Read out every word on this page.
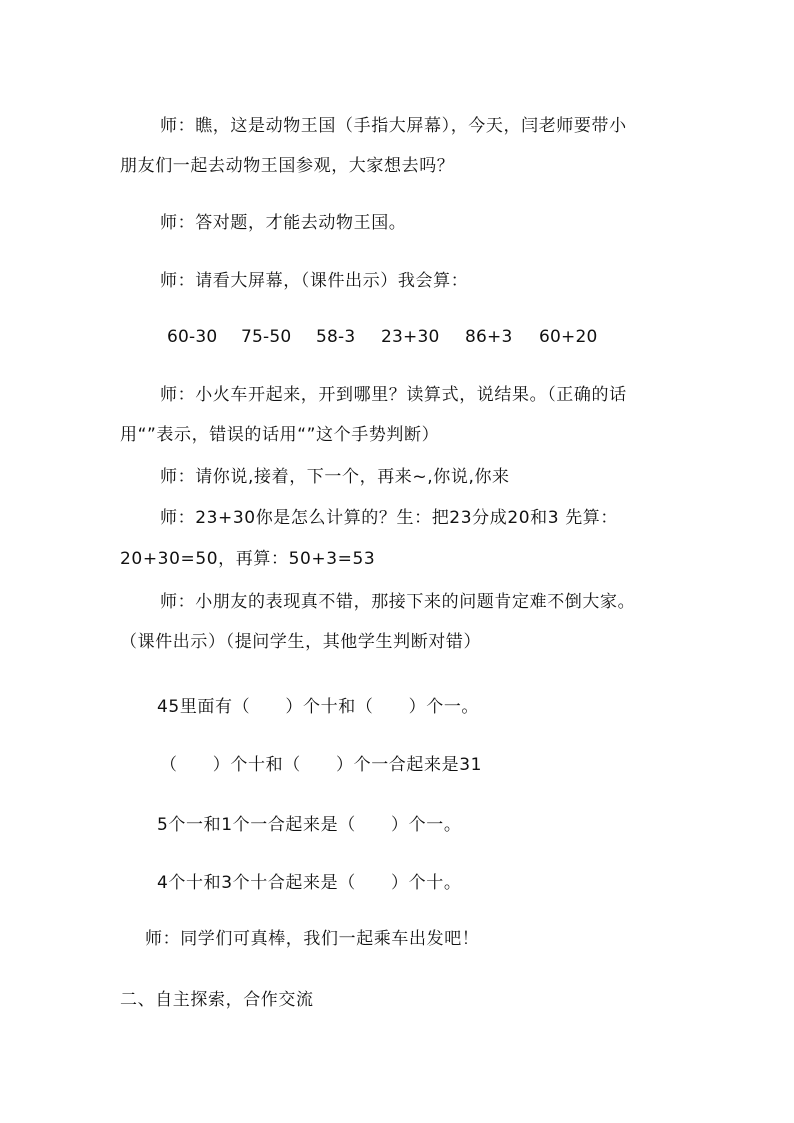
师：瞧，这是动物王国（手指大屏幕），今天，闫老师要带小
朋友们一起去动物王国参观，大家想去吗？
师：答对题，才能去动物王国。
师：请看大屏幕，（课件出示）我会算：
60-30 75-50 58-3 23+30 86+3 60+20
师：小火车开起来，开到哪里？读算式，说结果。（正确的话
用“”表示，错误的话用“”这个手势判断）
师：请你说,接着，下一个，再来~,你说,你来
师：23+30你是怎么计算的？生：把23分成20和3 先算：
20+30=50，再算：50+3=53
师：小朋友的表现真不错，那接下来的问题肯定难不倒大家。
（课件出示）（提问学生，其他学生判断对错）
45里面有（　　）个十和（　　）个一。
（　　）个十和（　　）个一合起来是31
5个一和1个一合起来是（　　）个一。
4个十和3个十合起来是（　　）个十。
师：同学们可真棒，我们一起乘车出发吧！
二、自主探索，合作交流
